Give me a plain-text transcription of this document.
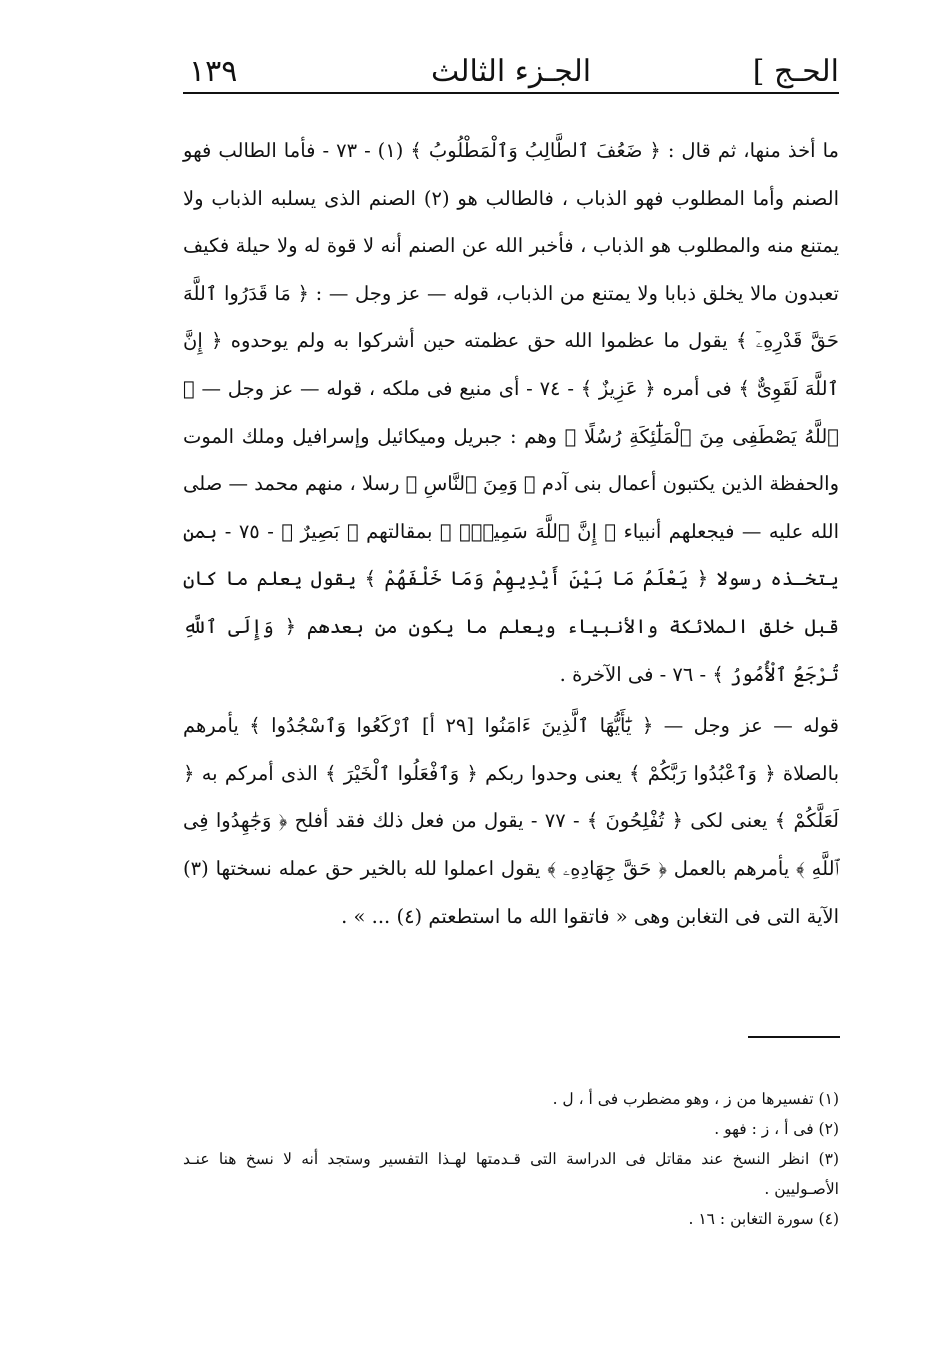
الحـج ]
الجـزء الثالث
١٣٩

ما أخذ منها، ثم قال : ﴿ ضَعُفَ ٱلطَّالِبُ وَٱلْمَطْلُوبُ ﴾ (١) - ٧٣ - فأما الطالب فهو الصنم وأما المطلوب فهو الذباب ، فالطالب هو (٢) الصنم الذى يسلبه الذباب ولا يمتنع منه والمطلوب هو الذباب ، فأخبر الله عن الصنم أنه لا قوة له ولا حيلة فكيف تعبدون مالا يخلق ذبابا ولا يمتنع من الذباب، قوله — عز وجل — : ﴿ مَا قَدَرُوا ٱللَّهَ حَقَّ قَدْرِهِۦٓ ﴾ يقول ما عظموا الله حق عظمته حين أشركوا به ولم يوحدوه ﴿ إِنَّ ٱللَّهَ لَقَوِىٌّ ﴾ فى أمره ﴿ عَزِيزٌ ﴾ - ٧٤ - أى منيع فى ملكه ، قوله — عز وجل — ﴿ ٱللَّهُ يَصْطَفِى مِنَ ٱلْمَلَٰٓئِكَةِ رُسُلًا ﴾ وهم : جبريل وميكائيل وإسرافيل وملك الموت والحفظة الذين يكتبون أعمال بنى آدم ﴿ وَمِنَ ٱلنَّاسِ ﴾ رسلا ، منهم محمد — صلى الله عليه — فيجعلهم أنبياء ﴿ إِنَّ ٱللَّهَ سَمِيعٌۢ ﴾ بمقالتهم ﴿ بَصِيرٌ ﴾ - ٧٥ - بمن يتخـذه رسولا ﴿ يَعْلَمُ مَا بَيْنَ أَيْدِيهِمْ وَمَا خَلْفَهُمْ ﴾ يقول يعلم ما كان قبل خلق الملائكة والأنبياء ويعلم ما يكون من بعدهم ﴿ وَإِلَى ٱللَّهِ تُرْجَعُ ٱلْأُمُورُ ﴾ - ٧٦ - فى الآخرة .

قوله — عز وجل — ﴿ يَٰٓأَيُّهَا ٱلَّذِينَ ءَامَنُوا [٢٩ أ] ٱرْكَعُوا وَٱسْجُدُوا ﴾ يأمرهم بالصلاة ﴿ وَٱعْبُدُوا رَبَّكُمْ ﴾ يعنى وحدوا ربكم ﴿ وَٱفْعَلُوا ٱلْخَيْرَ ﴾ الذى أمركم به ﴿ لَعَلَّكُمْ ﴾ يعنى لكى ﴿ تُفْلِحُونَ ﴾ - ٧٧ - يقول من فعل ذلك فقد أفلح ﴿ وَجَٰهِدُوا فِى ٱللَّهِ ﴾ يأمرهم بالعمل ﴿ حَقَّ جِهَادِهِۦ ﴾ يقول اعملوا لله بالخير حق عمله نسختها (٣) الآية التى فى التغابن وهى « فاتقوا الله ما استطعتم (٤) ... » .

(١) تفسيرها من ز ، وهو مضطرب فى أ ، ل .

(٢) فى أ ، ز : فهو .

(٣) انظر النسخ عند مقاتل فى الدراسة التى قـدمتها لهـذا التفسير وستجد أنه لا نسخ هنا عنـد الأصـوليين .

(٤) سورة التغابن : ١٦ .
